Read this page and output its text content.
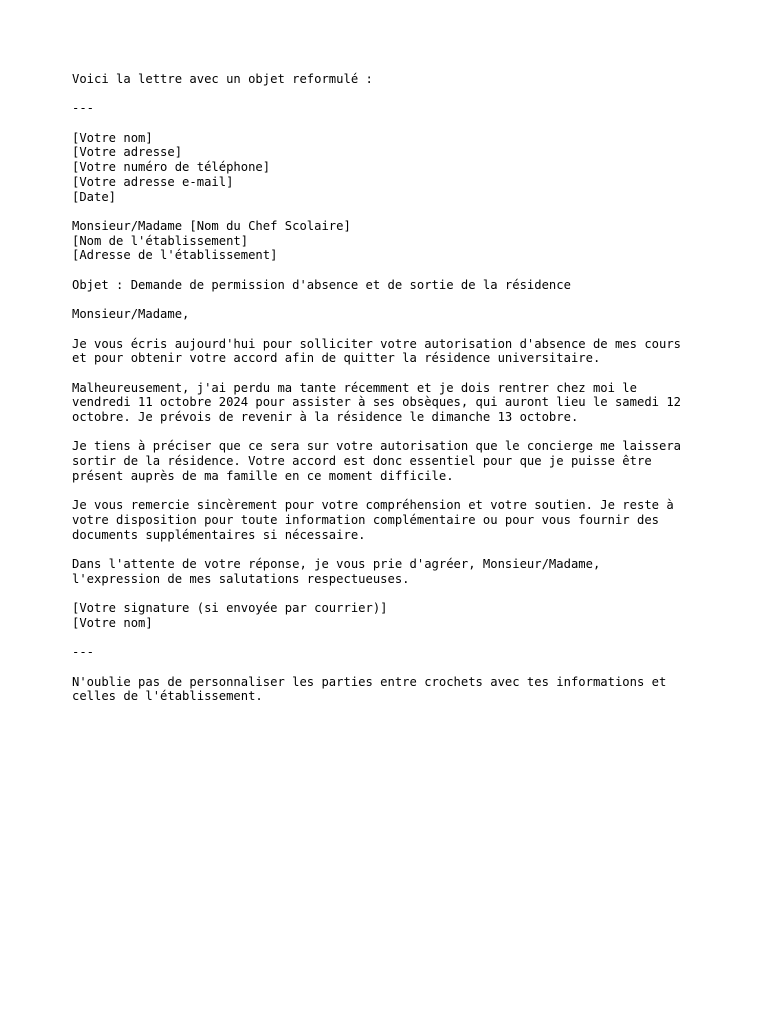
Voici la lettre avec un objet reformulé :
---
[Votre nom]
[Votre adresse]
[Votre numéro de téléphone]
[Votre adresse e-mail]
[Date]
Monsieur/Madame [Nom du Chef Scolaire]
[Nom de l'établissement]
[Adresse de l'établissement]
Objet : Demande de permission d'absence et de sortie de la résidence
Monsieur/Madame,
Je vous écris aujourd'hui pour solliciter votre autorisation d'absence de mes cours
et pour obtenir votre accord afin de quitter la résidence universitaire.
Malheureusement, j'ai perdu ma tante récemment et je dois rentrer chez moi le
vendredi 11 octobre 2024 pour assister à ses obsèques, qui auront lieu le samedi 12
octobre. Je prévois de revenir à la résidence le dimanche 13 octobre.
Je tiens à préciser que ce sera sur votre autorisation que le concierge me laissera
sortir de la résidence. Votre accord est donc essentiel pour que je puisse être
présent auprès de ma famille en ce moment difficile.
Je vous remercie sincèrement pour votre compréhension et votre soutien. Je reste à
votre disposition pour toute information complémentaire ou pour vous fournir des
documents supplémentaires si nécessaire.
Dans l'attente de votre réponse, je vous prie d'agréer, Monsieur/Madame,
l'expression de mes salutations respectueuses.
[Votre signature (si envoyée par courrier)]
[Votre nom]
---
N'oublie pas de personnaliser les parties entre crochets avec tes informations et
celles de l'établissement.
